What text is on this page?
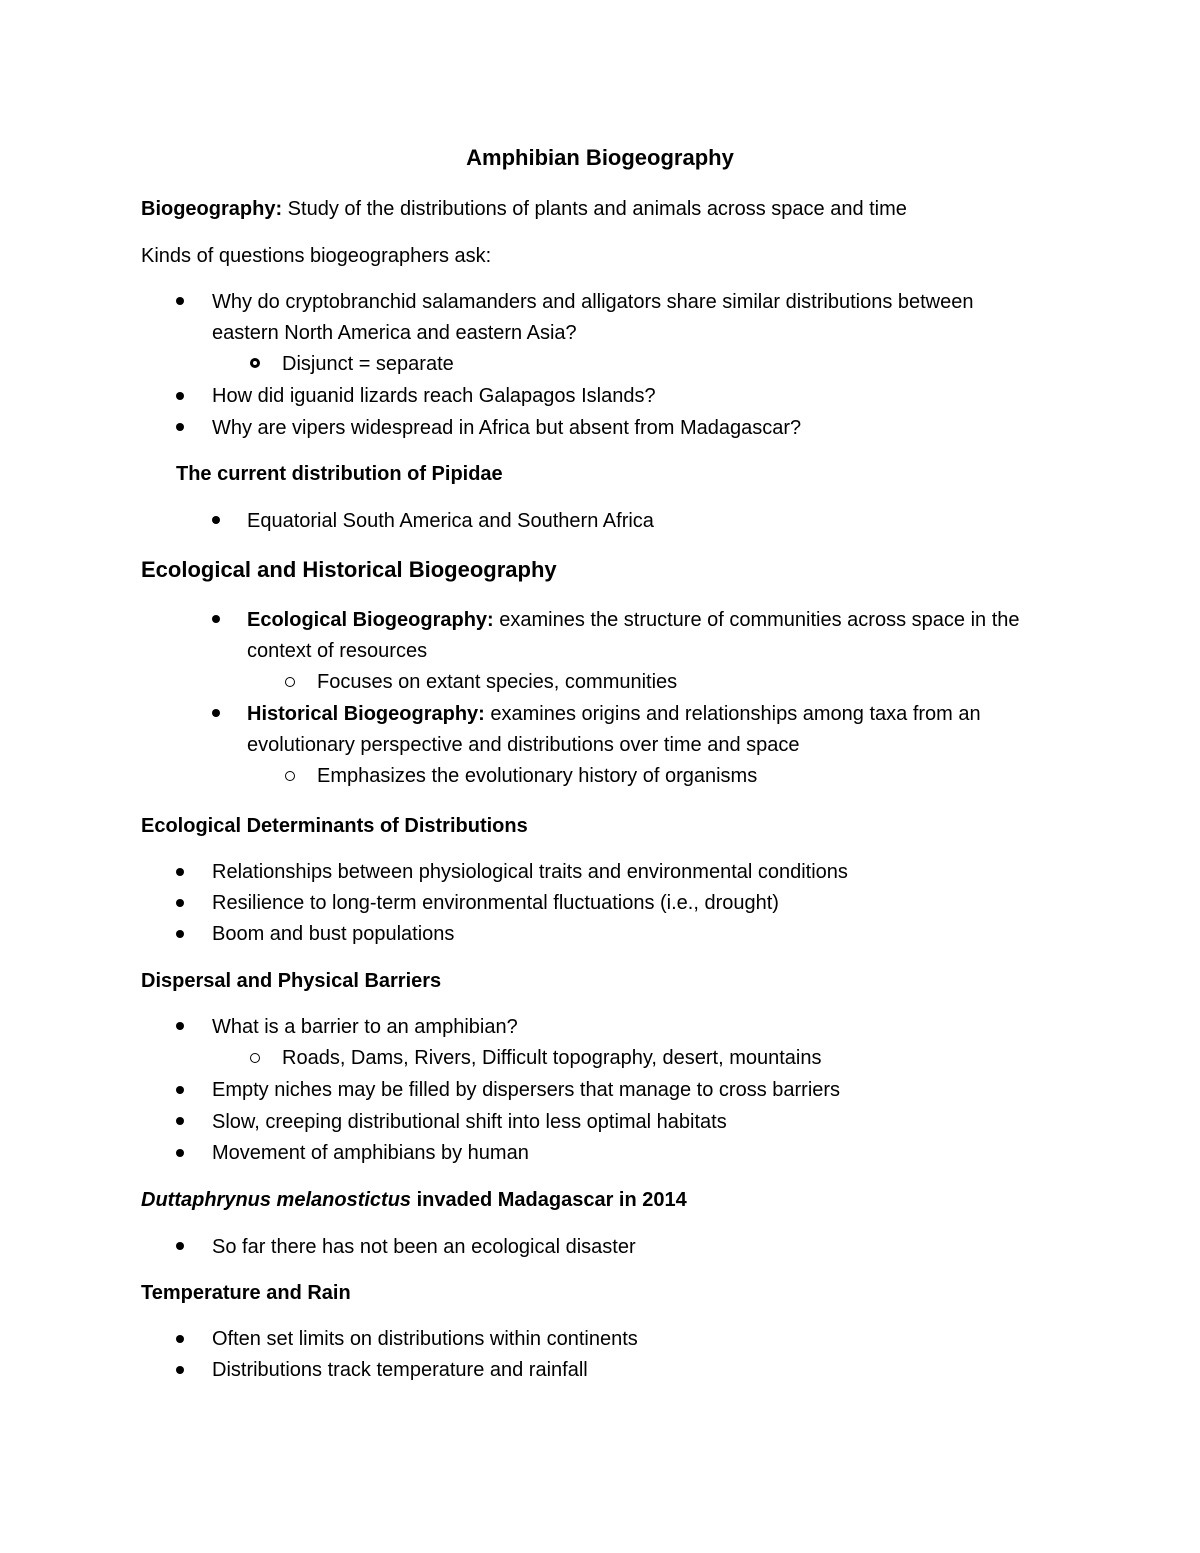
Amphibian Biogeography
Biogeography: Study of the distributions of plants and animals across space and time
Kinds of questions biogeographers ask:
Why do cryptobranchid salamanders and alligators share similar distributions between
eastern North America and eastern Asia?
Disjunct = separate
How did iguanid lizards reach Galapagos Islands?
Why are vipers widespread in Africa but absent from Madagascar?
The current distribution of Pipidae
Equatorial South America and Southern Africa
Ecological and Historical Biogeography
Ecological Biogeography: examines the structure of communities across space in the
context of resources
Focuses on extant species, communities
Historical Biogeography: examines origins and relationships among taxa from an
evolutionary perspective and distributions over time and space
Emphasizes the evolutionary history of organisms
Ecological Determinants of Distributions
Relationships between physiological traits and environmental conditions
Resilience to long-term environmental fluctuations (i.e., drought)
Boom and bust populations
Dispersal and Physical Barriers
What is a barrier to an amphibian?
Roads, Dams, Rivers, Difficult topography, desert, mountains
Empty niches may be filled by dispersers that manage to cross barriers
Slow, creeping distributional shift into less optimal habitats
Movement of amphibians by human
Duttaphrynus melanostictus invaded Madagascar in 2014
So far there has not been an ecological disaster
Temperature and Rain
Often set limits on distributions within continents
Distributions track temperature and rainfall
